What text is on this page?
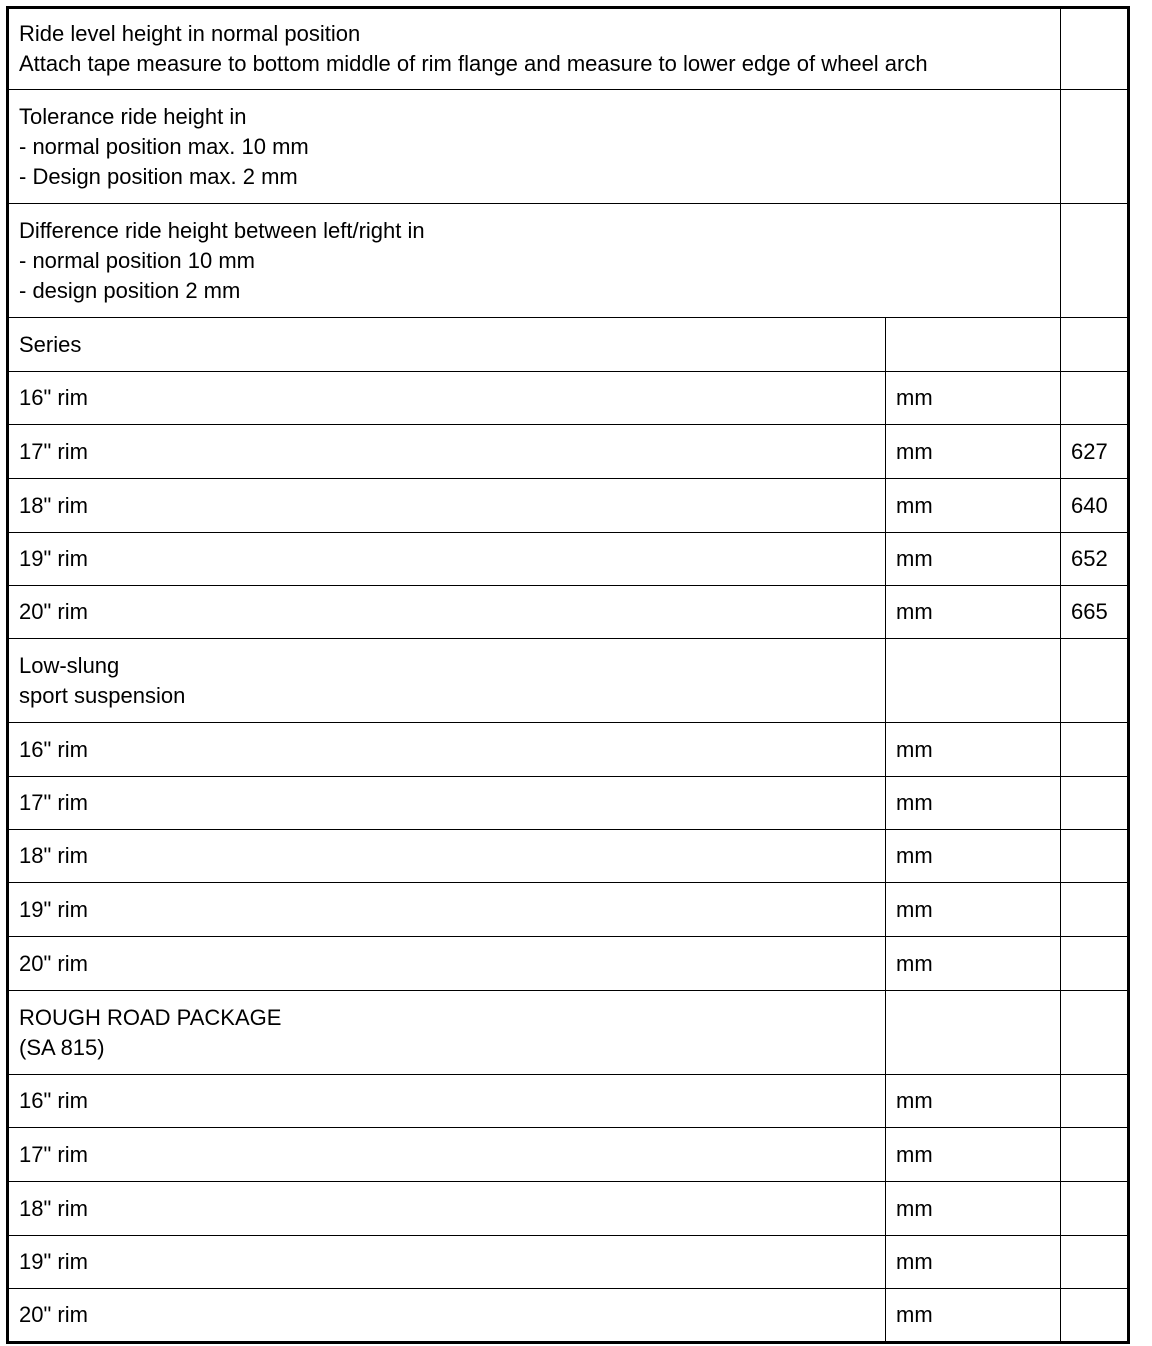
Ride level height in normal position
Attach tape measure to bottom middle of rim flange and measure to lower edge of wheel arch		

Tolerance ride height in
- normal position max. 10 mm
- Design position max. 2 mm		

Difference ride height between left/right in
- normal position 10 mm
- design position 2 mm		

Series		

16" rim	mm	
17" rim	mm	627
18" rim	mm	640
19" rim	mm	652
20" rim	mm	665

Low-slung
sport suspension		

16" rim	mm	
17" rim	mm	
18" rim	mm	
19" rim	mm	
20" rim	mm	

ROUGH ROAD PACKAGE
(SA 815)		

16" rim	mm	
17" rim	mm	
18" rim	mm	
19" rim	mm	
20" rim	mm	
